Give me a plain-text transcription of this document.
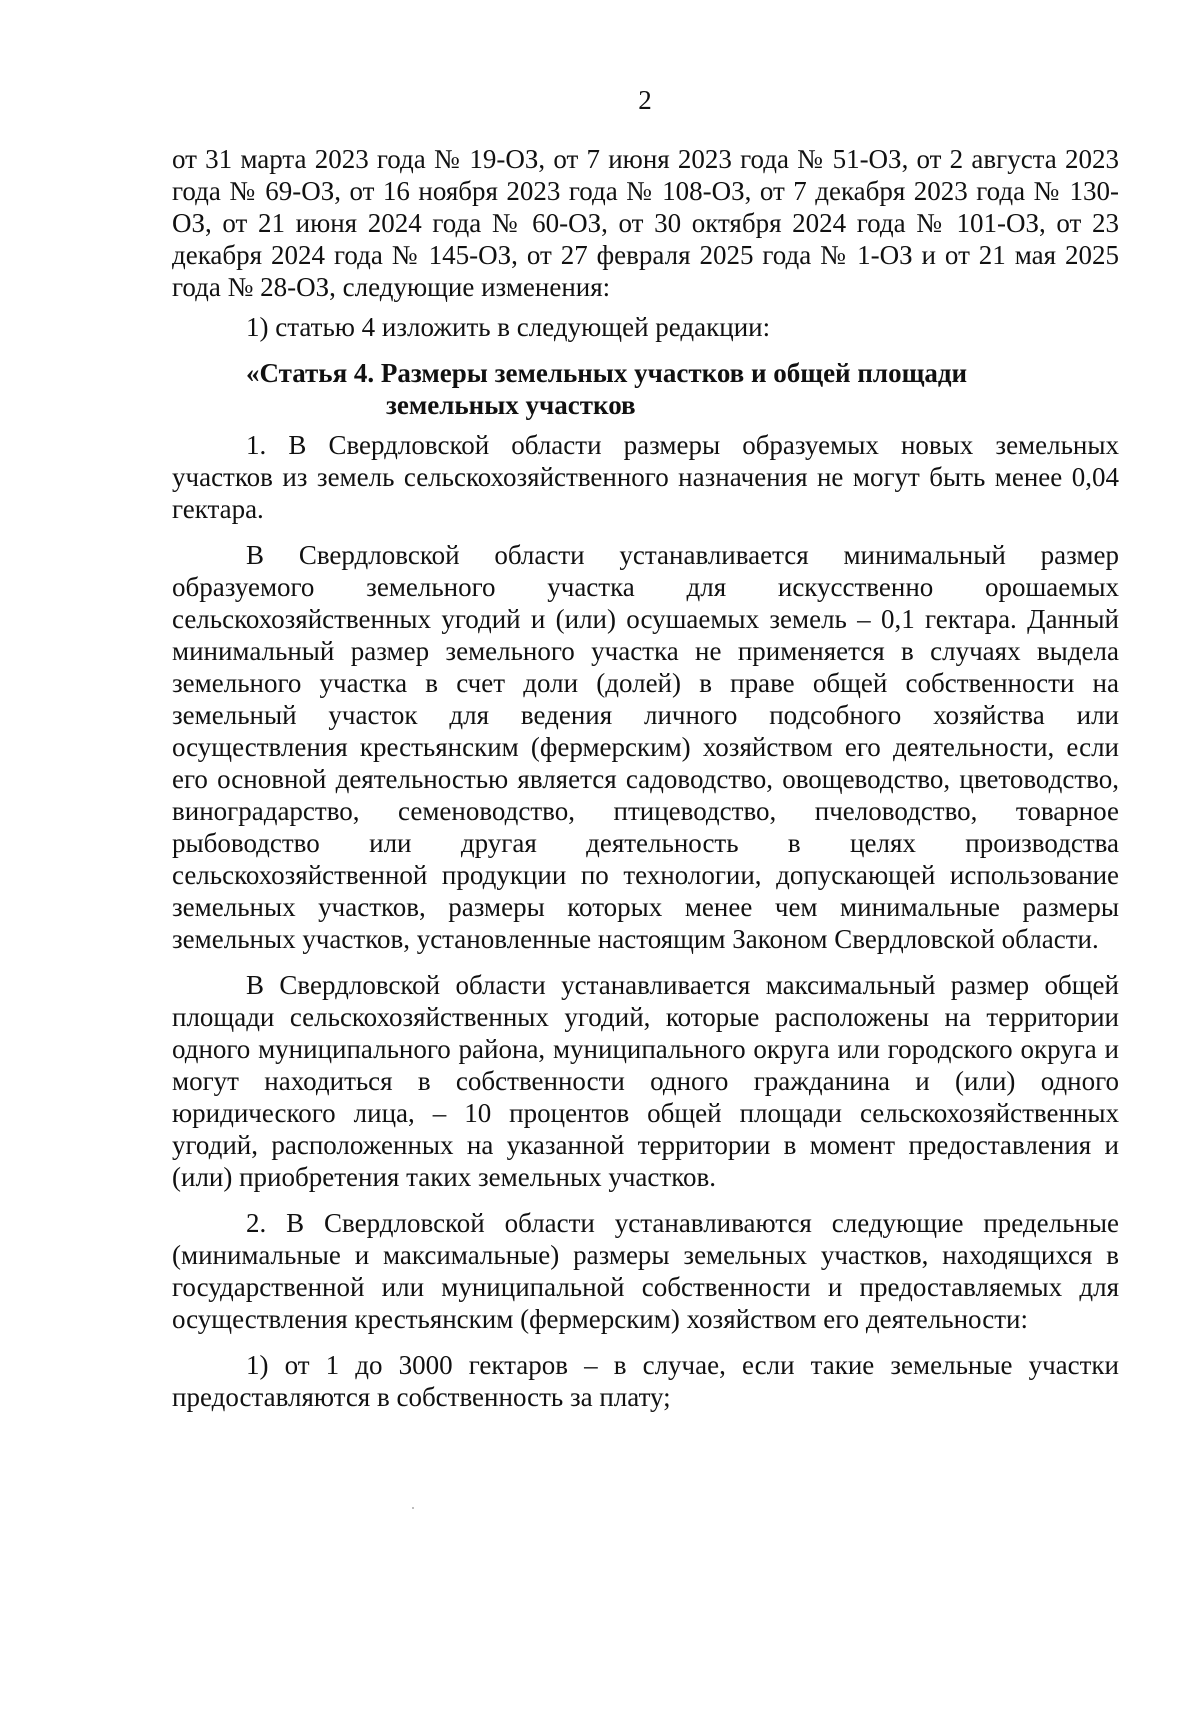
2

от 31 марта 2023 года № 19-ОЗ, от 7 июня 2023 года № 51-ОЗ, от 2 августа 2023 года № 69-ОЗ, от 16 ноября 2023 года № 108-ОЗ, от 7 декабря 2023 года № 130-ОЗ, от 21 июня 2024 года № 60-ОЗ, от 30 октября 2024 года № 101-ОЗ, от 23 декабря 2024 года № 145-ОЗ, от 27 февраля 2025 года № 1-ОЗ и от 21 мая 2025 года № 28-ОЗ, следующие изменения:

1) статью 4 изложить в следующей редакции:

«Статья 4. Размеры земельных участков и общей площади
земельных участков

1. В Свердловской области размеры образуемых новых земельных участков из земель сельскохозяйственного назначения не могут быть менее 0,04 гектара.

В Свердловской области устанавливается минимальный размер образуемого земельного участка для искусственно орошаемых сельскохозяйственных угодий и (или) осушаемых земель – 0,1 гектара. Данный минимальный размер земельного участка не применяется в случаях выдела земельного участка в счет доли (долей) в праве общей собственности на земельный участок для ведения личного подсобного хозяйства или осуществления крестьянским (фермерским) хозяйством его деятельности, если его основной деятельностью является садоводство, овощеводство, цветоводство, виноградарство, семеноводство, птицеводство, пчеловодство, товарное рыбоводство или другая деятельность в целях производства сельскохозяйственной продукции по технологии, допускающей использование земельных участков, размеры которых менее чем минимальные размеры земельных участков, установленные настоящим Законом Свердловской области.

В Свердловской области устанавливается максимальный размер общей площади сельскохозяйственных угодий, которые расположены на территории одного муниципального района, муниципального округа или городского округа и могут находиться в собственности одного гражданина и (или) одного юридического лица, – 10 процентов общей площади сельскохозяйственных угодий, расположенных на указанной территории в момент предоставления и (или) приобретения таких земельных участков.

2. В Свердловской области устанавливаются следующие предельные (минимальные и максимальные) размеры земельных участков, находящихся в государственной или муниципальной собственности и предоставляемых для осуществления крестьянским (фермерским) хозяйством его деятельности:

1) от 1 до 3000 гектаров – в случае, если такие земельные участки предоставляются в собственность за плату;
